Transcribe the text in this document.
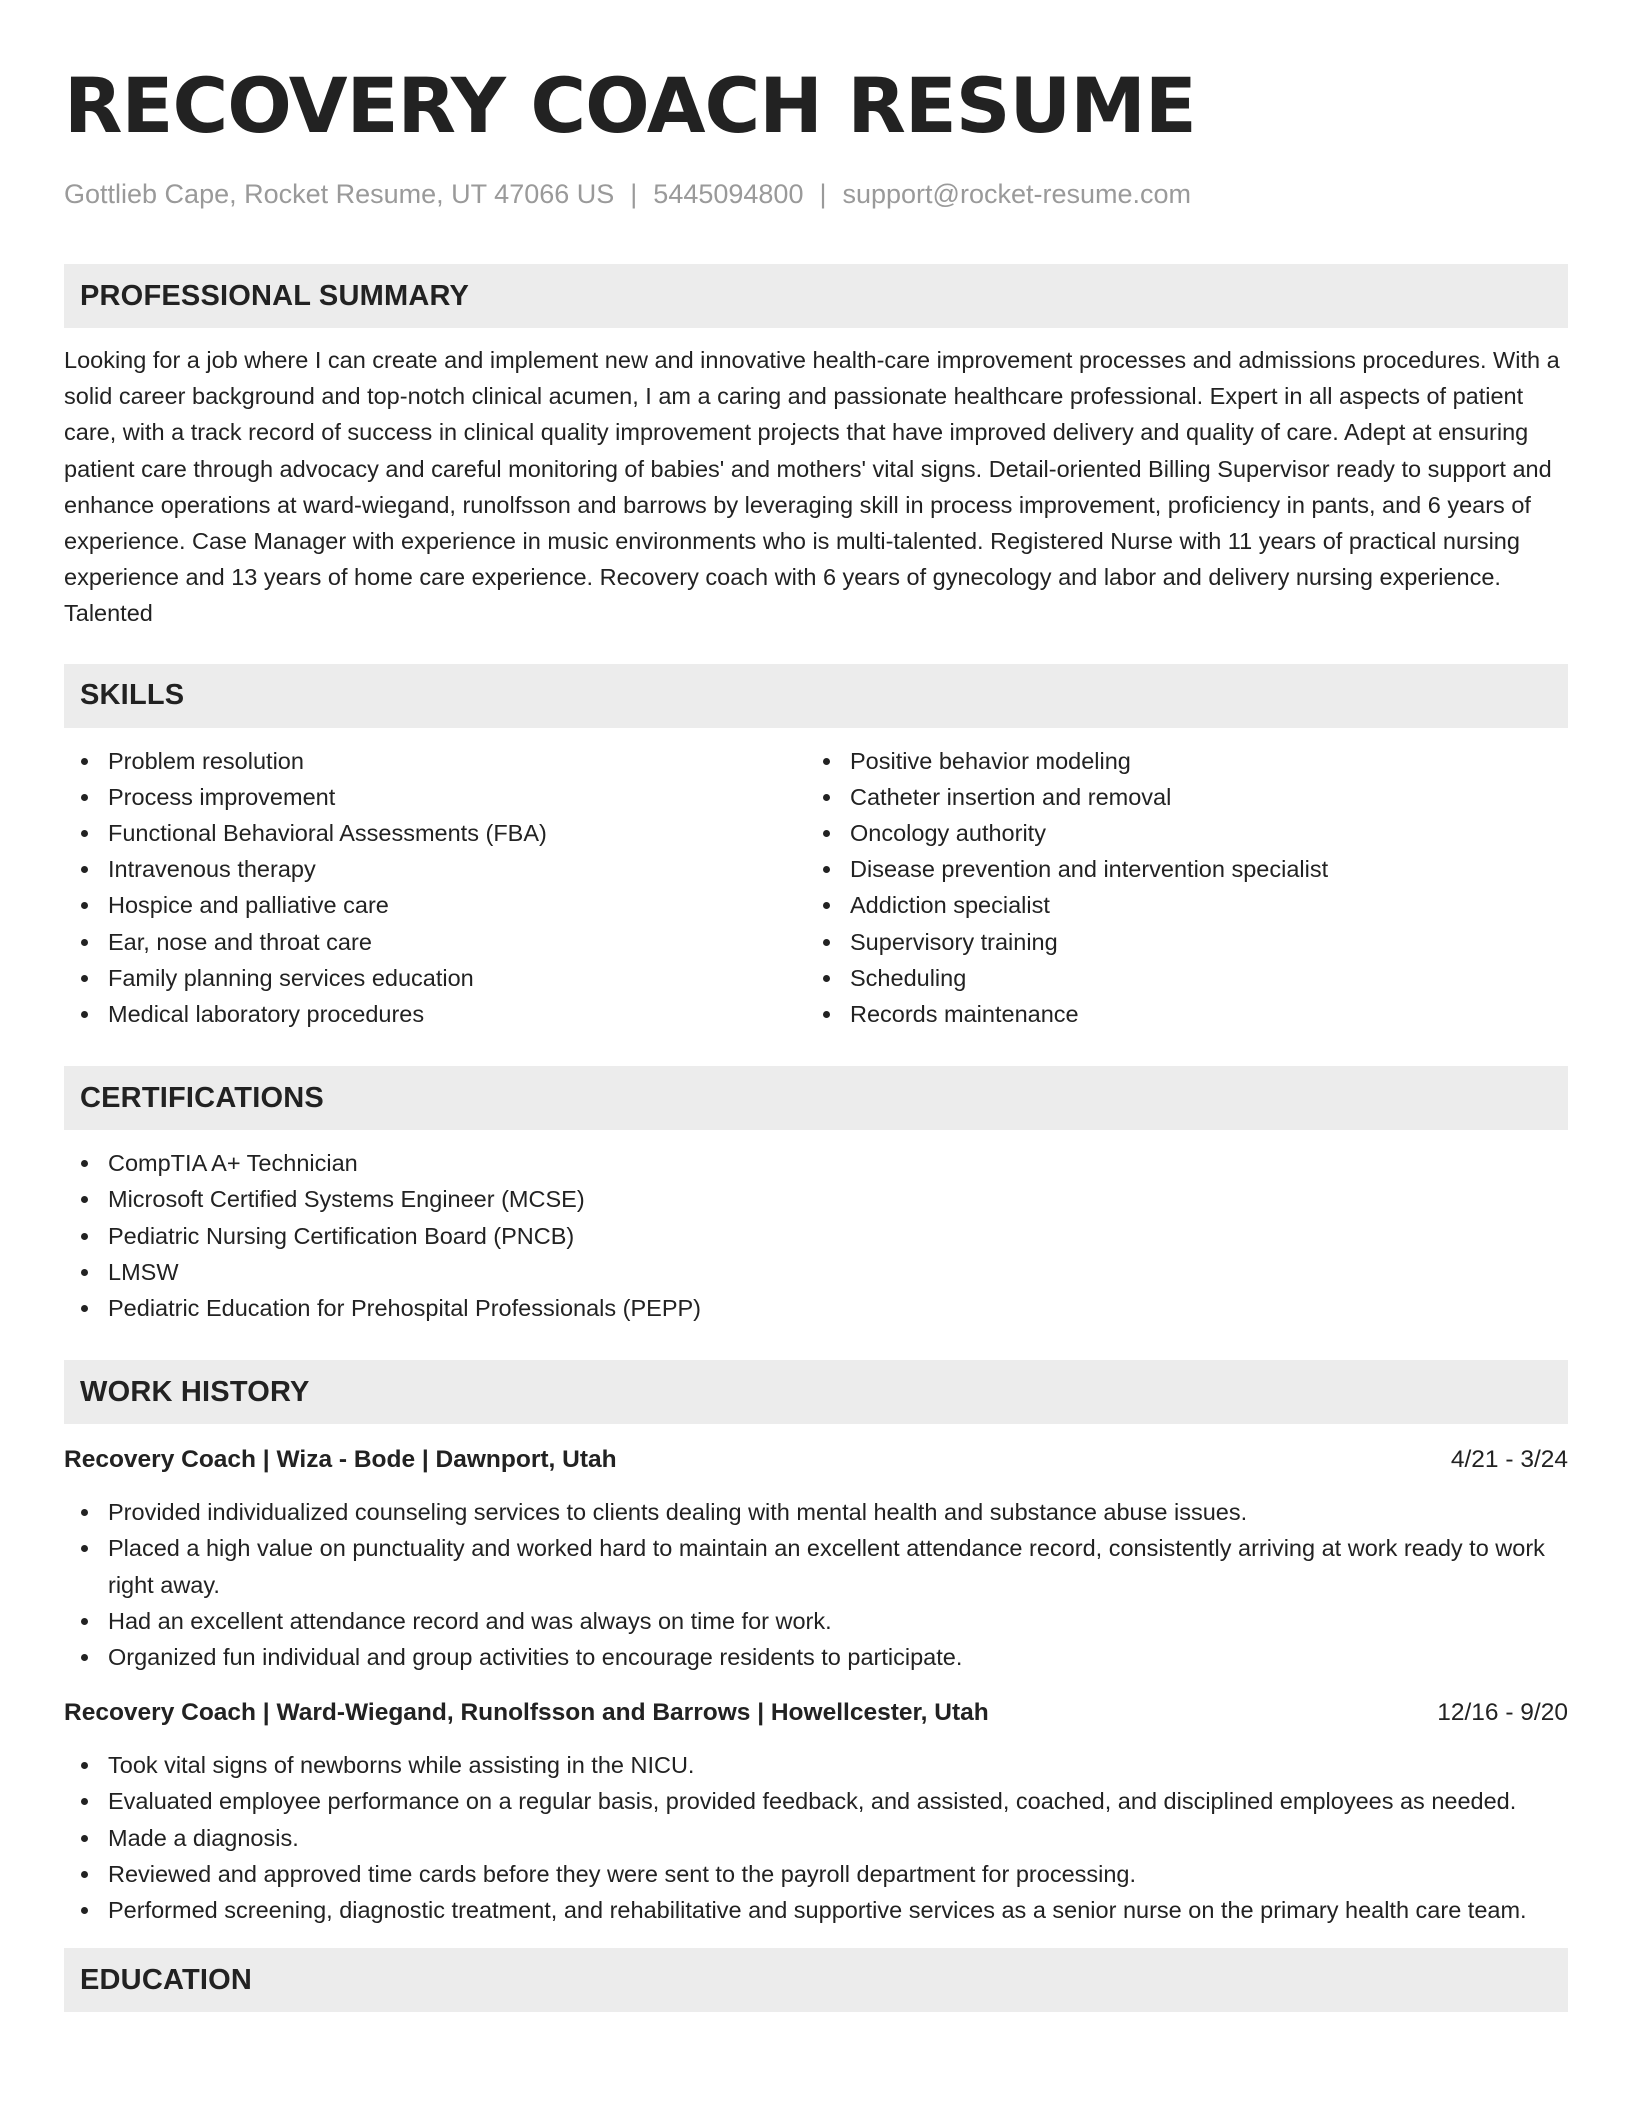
RECOVERY COACH RESUME
Gottlieb Cape, Rocket Resume, UT 47066 US | 5445094800 | support@rocket-resume.com
PROFESSIONAL SUMMARY

Looking for a job where I can create and implement new and innovative health-care improvement processes and admissions procedures. With a solid career background and top-notch clinical acumen, I am a caring and passionate healthcare professional. Expert in all aspects of patient care, with a track record of success in clinical quality improvement projects that have improved delivery and quality of care. Adept at ensuring patient care through advocacy and careful monitoring of babies' and mothers' vital signs. Detail-oriented Billing Supervisor ready to support and enhance operations at ward-wiegand, runolfsson and barrows by leveraging skill in process improvement, proficiency in pants, and 6 years of experience. Case Manager with experience in music environments who is multi-talented. Registered Nurse with 11 years of practical nursing experience and 13 years of home care experience. Recovery coach with 6 years of gynecology and labor and delivery nursing experience. Talented

SKILLS
Problem resolution
Process improvement
Functional Behavioral Assessments (FBA)
Intravenous therapy
Hospice and palliative care
Ear, nose and throat care
Family planning services education
Medical laboratory procedures
Positive behavior modeling
Catheter insertion and removal
Oncology authority
Disease prevention and intervention specialist
Addiction specialist
Supervisory training
Scheduling
Records maintenance
CERTIFICATIONS
CompTIA A+ Technician
Microsoft Certified Systems Engineer (MCSE)
Pediatric Nursing Certification Board (PNCB)
LMSW
Pediatric Education for Prehospital Professionals (PEPP)
WORK HISTORY
Recovery Coach | Wiza - Bode | Dawnport, Utah	4/21 - 3/24
Provided individualized counseling services to clients dealing with mental health and substance abuse issues.
Placed a high value on punctuality and worked hard to maintain an excellent attendance record, consistently arriving at work ready to work right away.
Had an excellent attendance record and was always on time for work.
Organized fun individual and group activities to encourage residents to participate.
Recovery Coach | Ward-Wiegand, Runolfsson and Barrows | Howellcester, Utah	12/16 - 9/20
Took vital signs of newborns while assisting in the NICU.
Evaluated employee performance on a regular basis, provided feedback, and assisted, coached, and disciplined employees as needed.
Made a diagnosis.
Reviewed and approved time cards before they were sent to the payroll department for processing.
Performed screening, diagnostic treatment, and rehabilitative and supportive services as a senior nurse on the primary health care team.
EDUCATION
